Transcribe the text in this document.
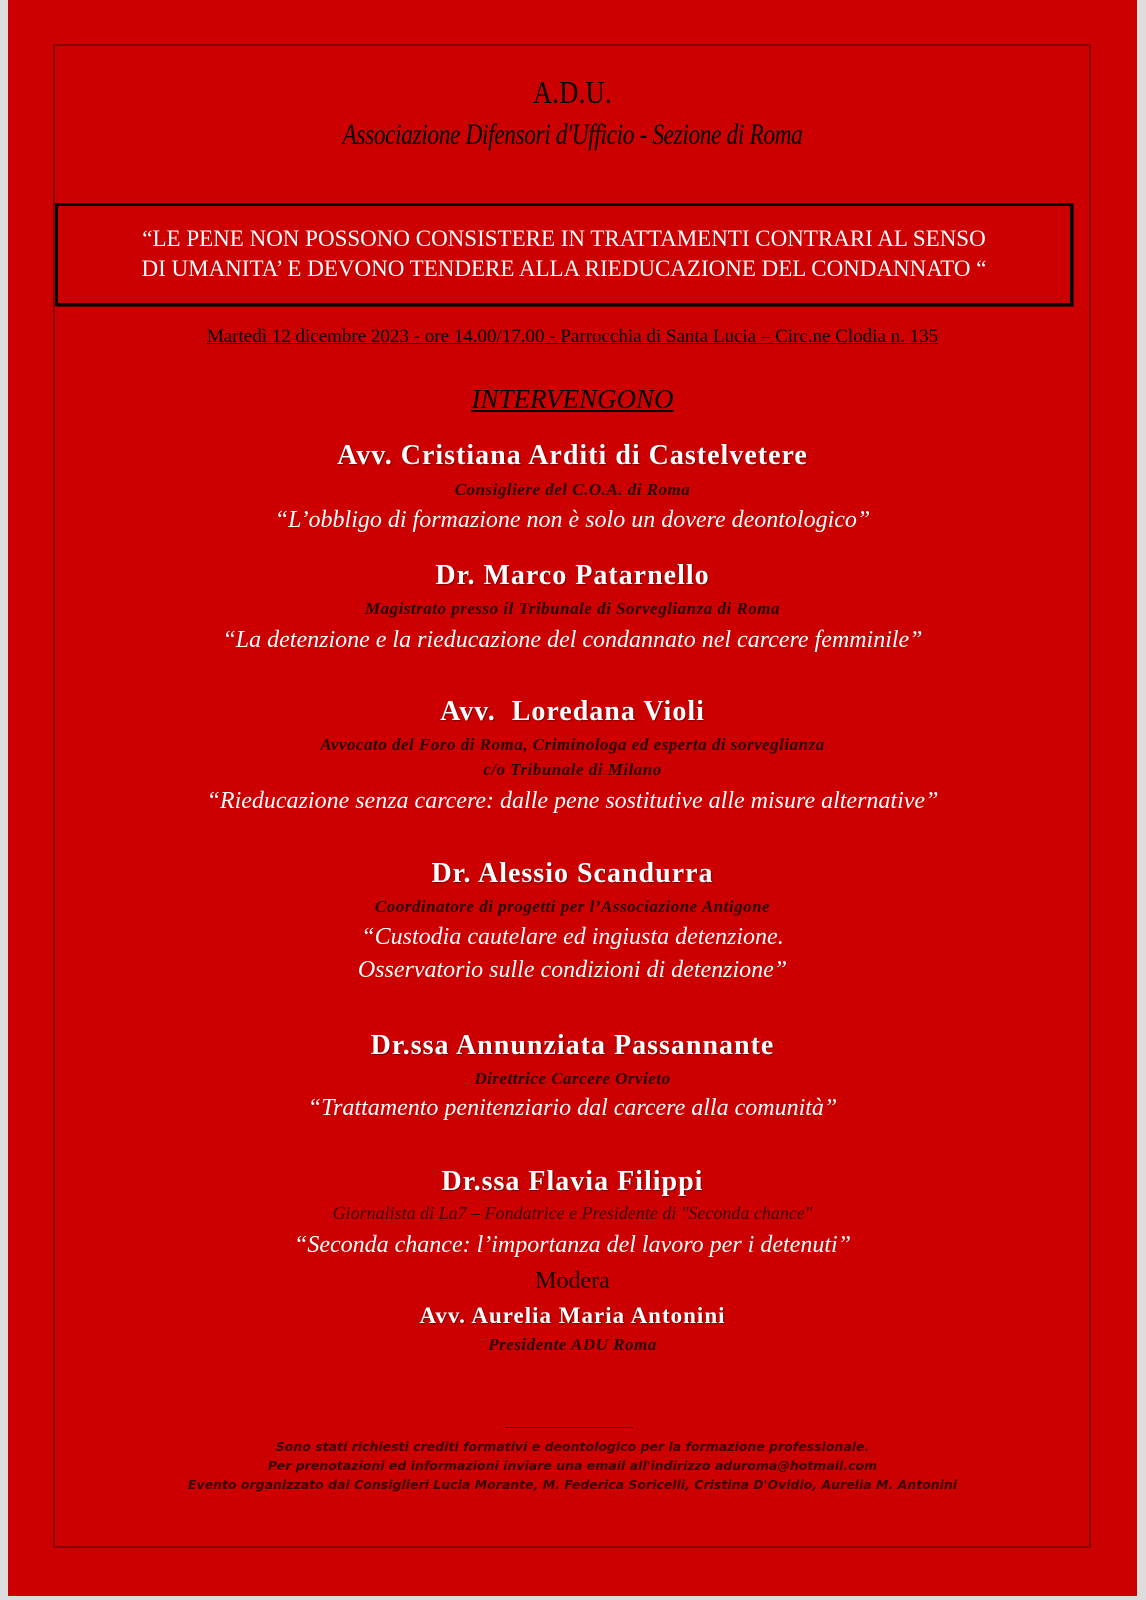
A.D.U.
Associazione Difensori d'Ufficio - Sezione di Roma
“LE PENE NON POSSONO CONSISTERE IN TRATTAMENTI CONTRARI AL SENSO
DI UMANITA’ E DEVONO TENDERE ALLA RIEDUCAZIONE DEL CONDANNATO “
Martedì 12 dicembre 2023 - ore 14.00/17.00 - Parrocchia di Santa Lucia – Circ.ne Clodia n. 135
INTERVENGONO
Avv. Cristiana Arditi di Castelvetere
Consigliere del C.O.A. di Roma
“L’obbligo di formazione non è solo un dovere deontologico”
Dr. Marco Patarnello
Magistrato presso il Tribunale di Sorveglianza di Roma
“La detenzione e la rieducazione del condannato nel carcere femminile”
Avv.  Loredana Violi
Avvocato del Foro di Roma, Criminologa ed esperta di sorveglianza
c/o Tribunale di Milano
“Rieducazione senza carcere: dalle pene sostitutive alle misure alternative”
Dr. Alessio Scandurra
Coordinatore di progetti per l’Associazione Antigone
“Custodia cautelare ed ingiusta detenzione.
Osservatorio sulle condizioni di detenzione”
Dr.ssa Annunziata Passannante
Direttrice Carcere Orvieto
“Trattamento penitenziario dal carcere alla comunità”
Dr.ssa Flavia Filippi
Giornalista di La7 – Fondatrice e Presidente di "Seconda chance"
“Seconda chance: l’importanza del lavoro per i detenuti”
Modera
Avv. Aurelia Maria Antonini
Presidente ADU Roma
Sono stati richiesti crediti formativi e deontologico per la formazione professionale.
Per prenotazioni ed informazioni inviare una email all'indirizzo aduroma@hotmail.com
Evento organizzato dai Consiglieri Lucia Morante, M. Federica Soricelli, Cristina D'Ovidio, Aurelia M. Antonini
